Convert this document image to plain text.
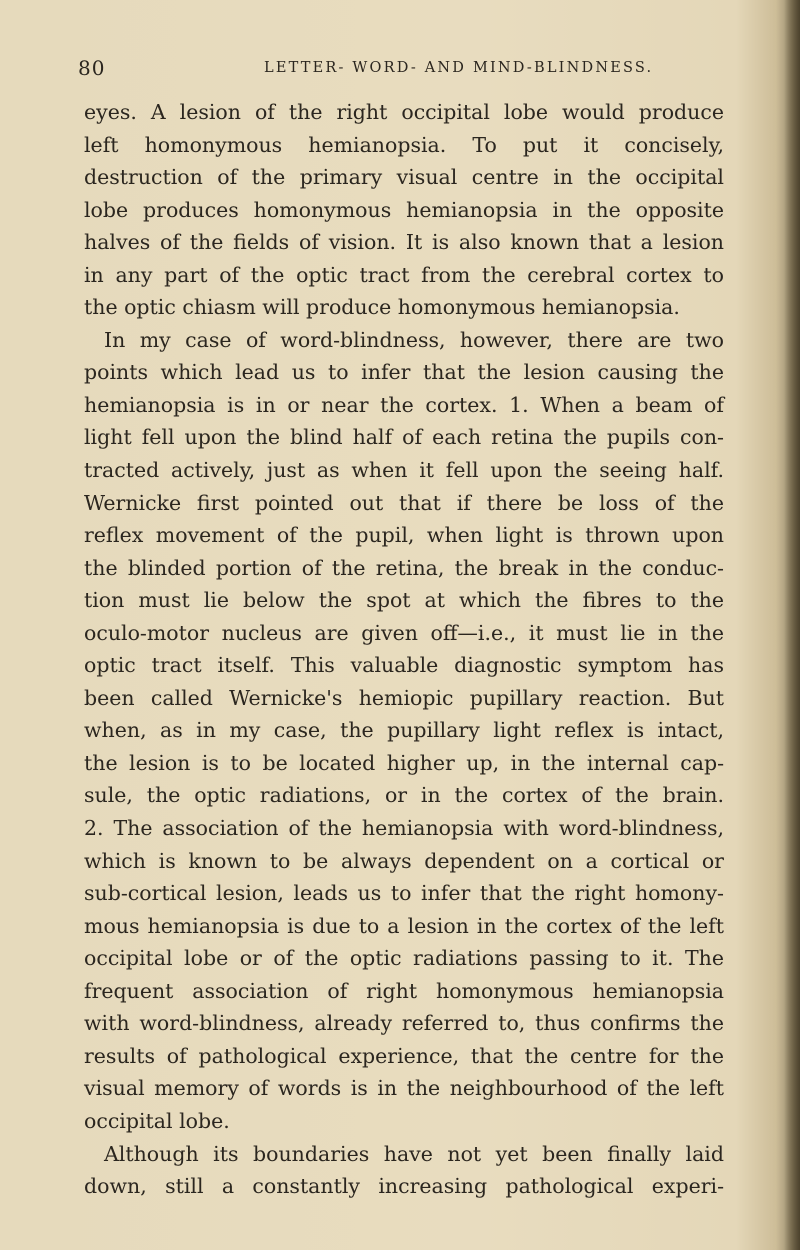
80	LETTER- WORD- AND MIND-BLINDNESS.
eyes. A lesion of the right occipital lobe would produce
left homonymous hemianopsia. To put it concisely,
destruction of the primary visual centre in the occipital
lobe produces homonymous hemianopsia in the opposite
halves of the fields of vision. It is also known that a lesion
in any part of the optic tract from the cerebral cortex to
the optic chiasm will produce homonymous hemianopsia.
In my case of word-blindness, however, there are two
points which lead us to infer that the lesion causing the
hemianopsia is in or near the cortex. 1. When a beam of
light fell upon the blind half of each retina the pupils con-
tracted actively, just as when it fell upon the seeing half.
Wernicke first pointed out that if there be loss of the
reflex movement of the pupil, when light is thrown upon
the blinded portion of the retina, the break in the conduc-
tion must lie below the spot at which the fibres to the
oculo-motor nucleus are given off—i.e., it must lie in the
optic tract itself. This valuable diagnostic symptom has
been called Wernicke's hemiopic pupillary reaction. But
when, as in my case, the pupillary light reflex is intact,
the lesion is to be located higher up, in the internal cap-
sule, the optic radiations, or in the cortex of the brain.
2. The association of the hemianopsia with word-blindness,
which is known to be always dependent on a cortical or
sub-cortical lesion, leads us to infer that the right homony-
mous hemianopsia is due to a lesion in the cortex of the left
occipital lobe or of the optic radiations passing to it. The
frequent association of right homonymous hemianopsia
with word-blindness, already referred to, thus confirms the
results of pathological experience, that the centre for the
visual memory of words is in the neighbourhood of the left
occipital lobe.
Although its boundaries have not yet been finally laid
down, still a constantly increasing pathological experi-
